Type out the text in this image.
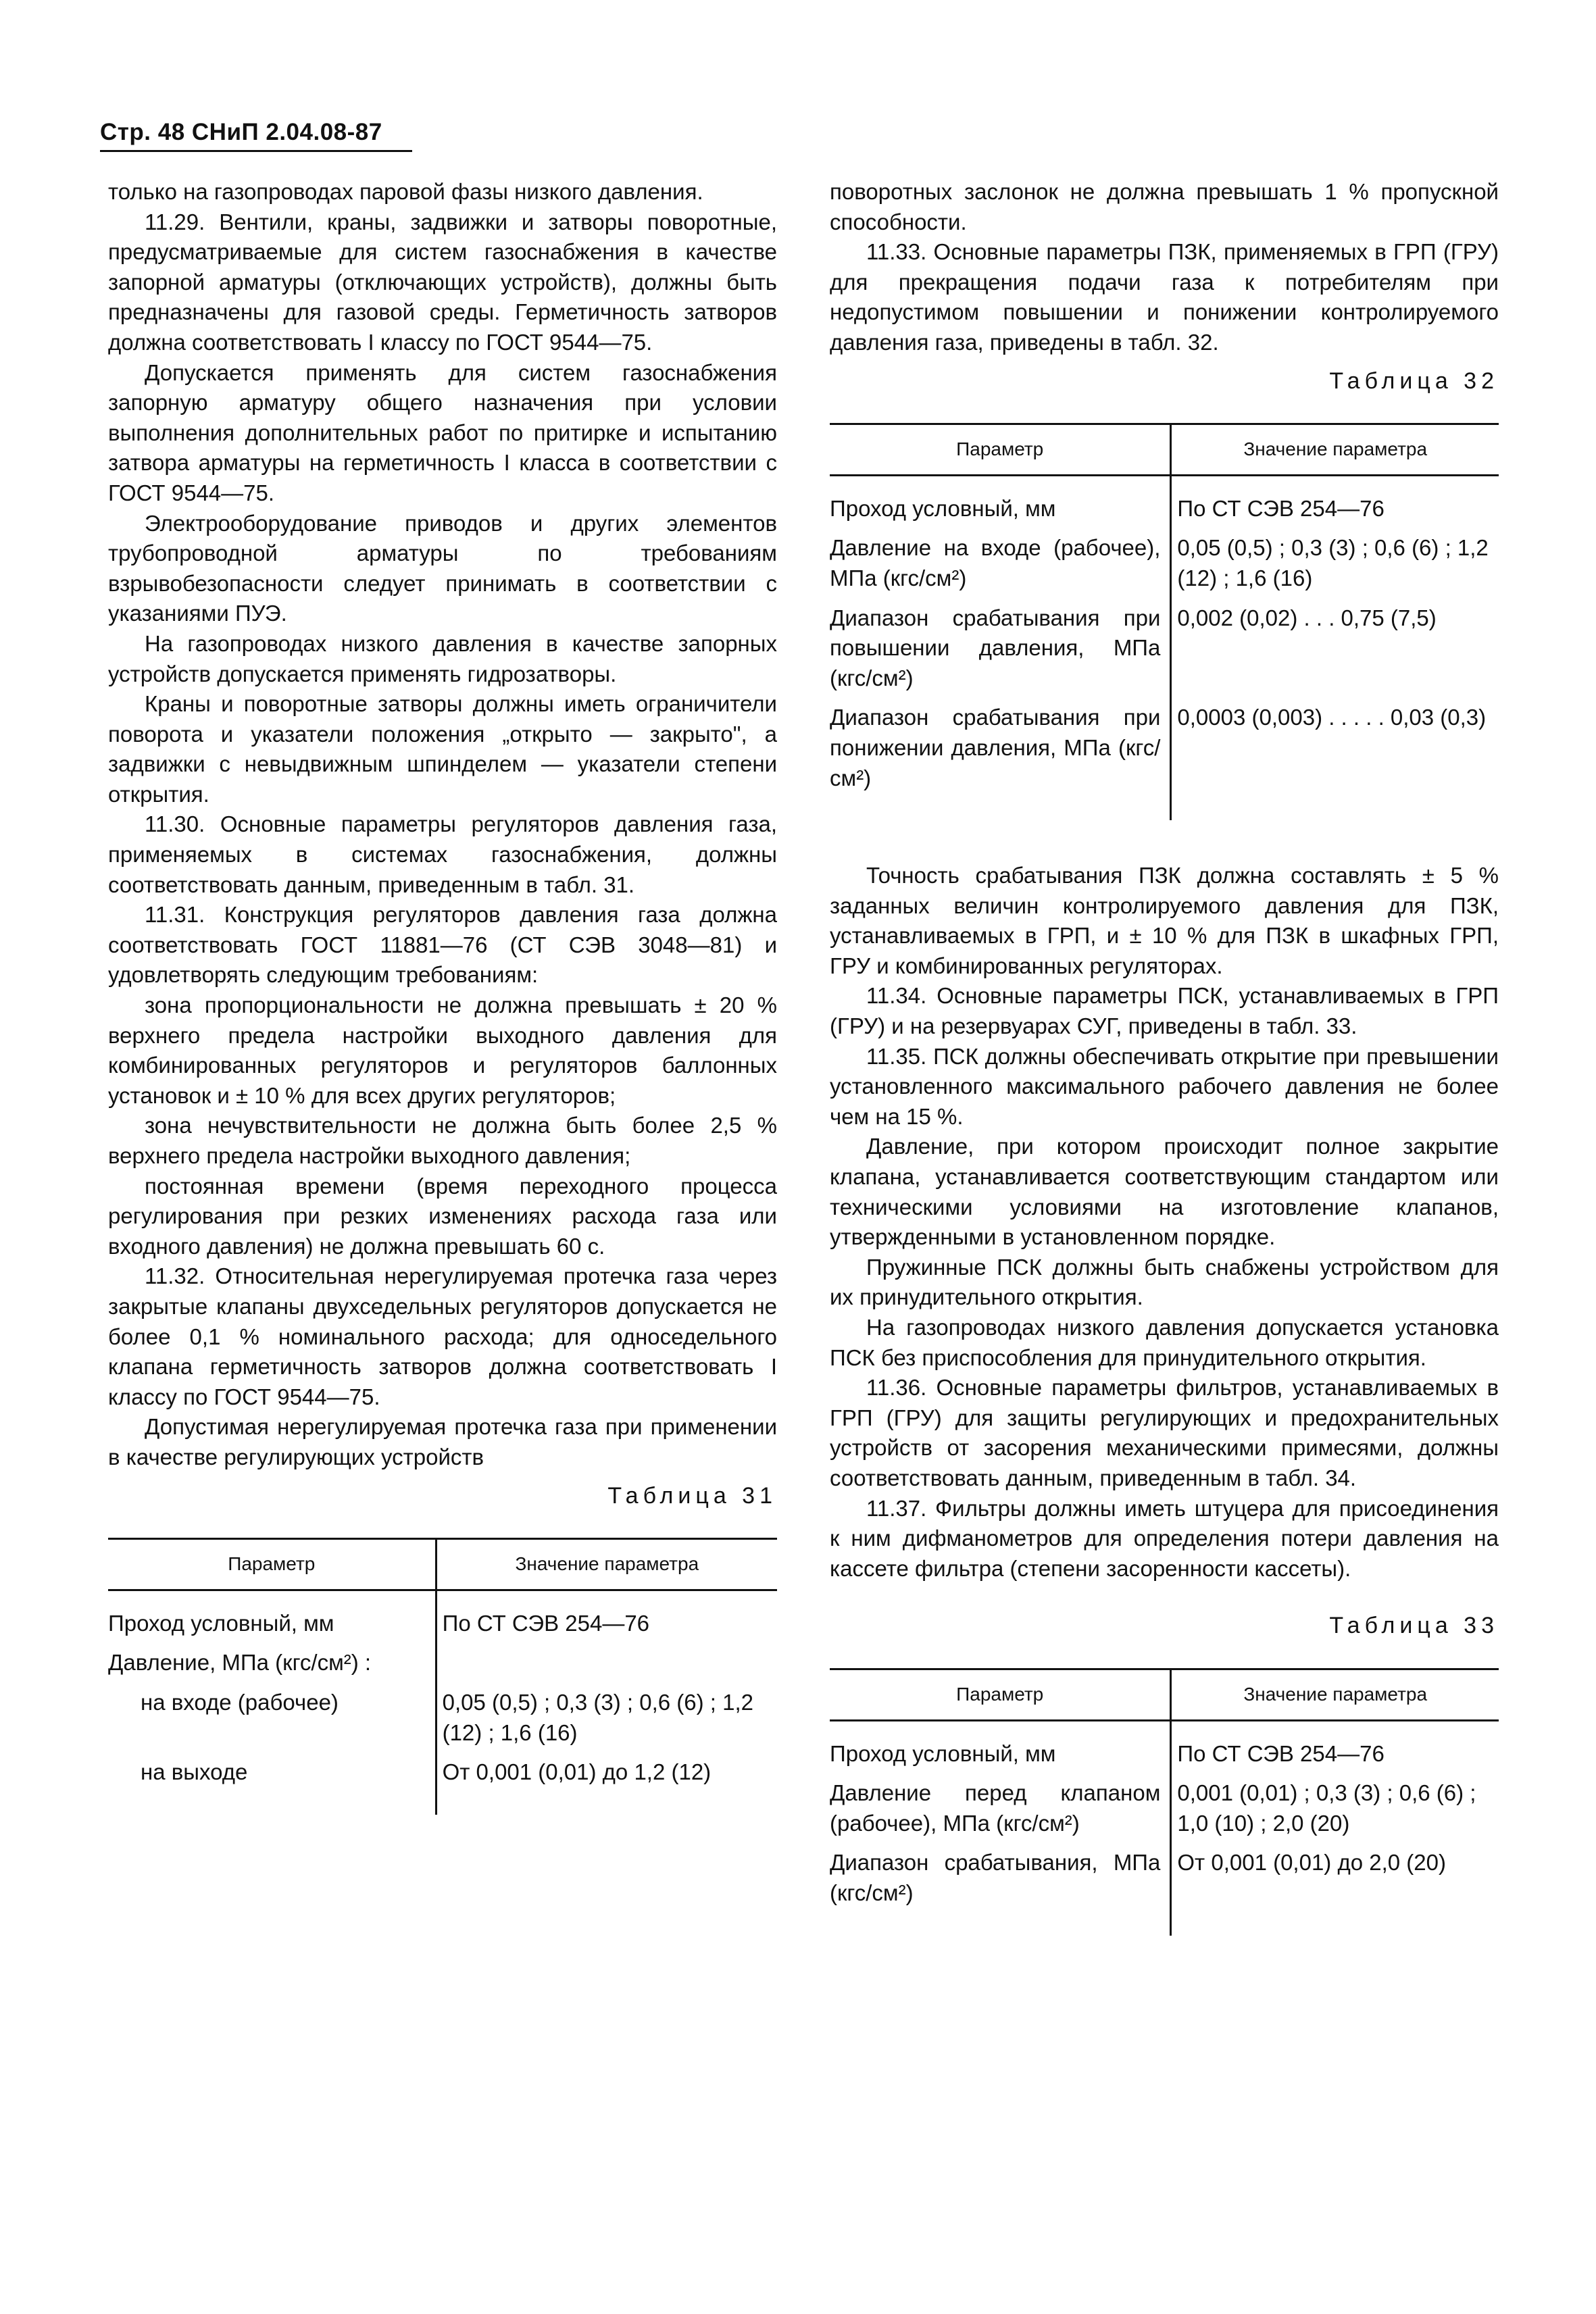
Стр. 48 СНиП 2.04.08-87

только на газопроводах паровой фазы низкого давления.

11.29. Вентили, краны, задвижки и затворы поворотные, предусматриваемые для систем газоснабжения в качестве запорной арматуры (отключающих устройств), должны быть предназначены для газовой среды. Герметичность затворов должна соответствовать I классу по ГОСТ 9544—75.

Допускается применять для систем газоснабжения запорную арматуру общего назначения при условии выполнения дополнительных работ по притирке и испытанию затвора арматуры на герметичность I класса в соответствии с ГОСТ 9544—75.

Электрооборудование приводов и других элементов трубопроводной арматуры по требованиям взрывобезопасности следует принимать в соответствии с указаниями ПУЭ.

На газопроводах низкого давления в качестве запорных устройств допускается применять гидрозатворы.

Краны и поворотные затворы должны иметь ограничители поворота и указатели положения „открыто — закрыто", а задвижки с невыдвижным шпинделем — указатели степени открытия.

11.30. Основные параметры регуляторов давления газа, применяемых в системах газоснабжения, должны соответствовать данным, приведенным в табл. 31.

11.31. Конструкция регуляторов давления газа должна соответствовать ГОСТ 11881—76 (СТ СЭВ 3048—81) и удовлетворять следующим требованиям:

зона пропорциональности не должна превышать ± 20 % верхнего предела настройки выходного давления для комбинированных регуляторов и регуляторов баллонных установок и ± 10 % для всех других регуляторов;

зона нечувствительности не должна быть более 2,5 % верхнего предела настройки выходного давления;

постоянная времени (время переходного процесса регулирования при резких изменениях расхода газа или входного давления) не должна превышать 60 с.

11.32. Относительная нерегулируемая протечка газа через закрытые клапаны двухседельных регуляторов допускается не более 0,1 % номинального расхода; для односедельного клапана герметичность затворов должна соответствовать I классу по ГОСТ 9544—75.

Допустимая нерегулируемая протечка газа при применении в качестве регулирующих устройств

Таблица 31
Параметр	Значение параметра
Проход условный, мм	По СТ СЭВ 254—76
Давление, МПа (кгс/см²) :	
на входе (рабочее)	0,05 (0,5) ; 0,3 (3) ; 0,6 (6) ; 1,2 (12) ; 1,6 (16)
на выходе	От 0,001 (0,01) до 1,2 (12)

поворотных заслонок не должна превышать 1 % пропускной способности.

11.33. Основные параметры ПЗК, применяемых в ГРП (ГРУ) для прекращения подачи газа к потребителям при недопустимом повышении и понижении контролируемого давления газа, приведены в табл. 32.

Таблица 32
Параметр	Значение параметра
Проход условный, мм	По СТ СЭВ 254—76
Давление на входе (рабочее), МПа (кгс/см²)	0,05 (0,5) ; 0,3 (3) ; 0,6 (6) ; 1,2 (12) ; 1,6 (16)
Диапазон срабатывания при повышении давления, МПа (кгс/см²)	0,002 (0,02) . . . 0,75 (7,5)
Диапазон срабатывания при понижении давления, МПа (кгс/см²)	0,0003 (0,003) . . . . . 0,03 (0,3)

Точность срабатывания ПЗК должна составлять ± 5 % заданных величин контролируемого давления для ПЗК, устанавливаемых в ГРП, и ± 10 % для ПЗК в шкафных ГРП, ГРУ и комбинированных регуляторах.

11.34. Основные параметры ПСК, устанавливаемых в ГРП (ГРУ) и на резервуарах СУГ, приведены в табл. 33.

11.35. ПСК должны обеспечивать открытие при превышении установленного максимального рабочего давления не более чем на 15 %.

Давление, при котором происходит полное закрытие клапана, устанавливается соответствующим стандартом или техническими условиями на изготовление клапанов, утвержденными в установленном порядке.

Пружинные ПСК должны быть снабжены устройством для их принудительного открытия.

На газопроводах низкого давления допускается установка ПСК без приспособления для принудительного открытия.

11.36. Основные параметры фильтров, устанавливаемых в ГРП (ГРУ) для защиты регулирующих и предохранительных устройств от засорения механическими примесями, должны соответствовать данным, приведенным в табл. 34.

11.37. Фильтры должны иметь штуцера для присоединения к ним дифманометров для определения потери давления на кассете фильтра (степени засоренности кассеты).

Таблица 33
Параметр	Значение параметра
Проход условный, мм	По СТ СЭВ 254—76
Давление перед клапаном (рабочее), МПа (кгс/см²)	0,001 (0,01) ; 0,3 (3) ; 0,6 (6) ; 1,0 (10) ; 2,0 (20)
Диапазон срабатывания, МПа (кгс/см²)	От 0,001 (0,01) до 2,0 (20)
